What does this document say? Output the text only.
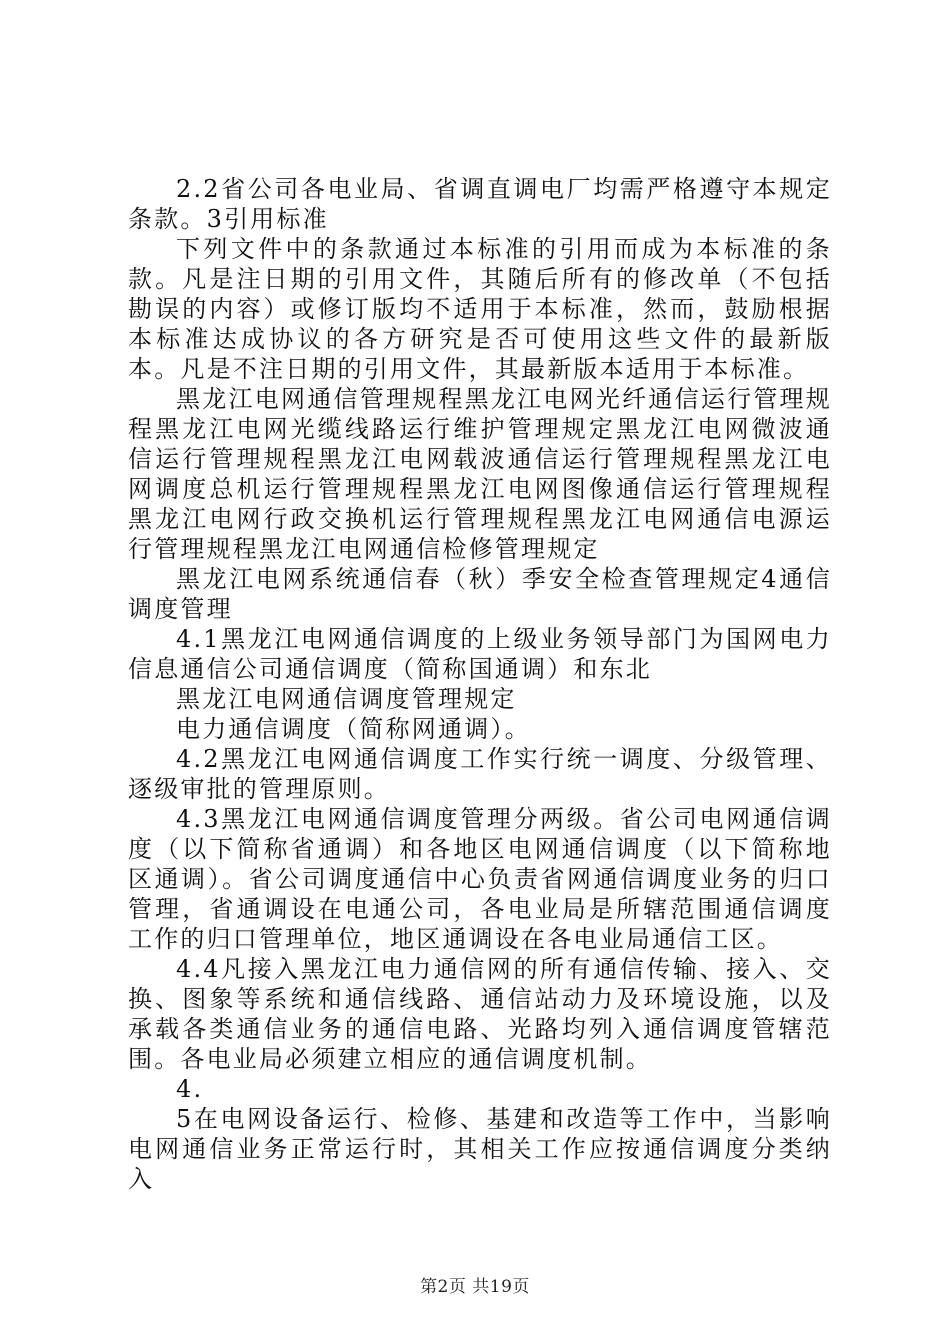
2.2省公司各电业局、省调直调电厂均需严格遵守本规定条款。3引用标准

下列文件中的条款通过本标准的引用而成为本标准的条款。凡是注日期的引用文件，其随后所有的修改单（不包括勘误的内容）或修订版均不适用于本标准，然而，鼓励根据本标准达成协议的各方研究是否可使用这些文件的最新版本。凡是不注日期的引用文件，其最新版本适用于本标准。

黑龙江电网通信管理规程黑龙江电网光纤通信运行管理规程黑龙江电网光缆线路运行维护管理规定黑龙江电网微波通信运行管理规程黑龙江电网载波通信运行管理规程黑龙江电网调度总机运行管理规程黑龙江电网图像通信运行管理规程黑龙江电网行政交换机运行管理规程黑龙江电网通信电源运行管理规程黑龙江电网通信检修管理规定

黑龙江电网系统通信春（秋）季安全检查管理规定4通信调度管理

4.1黑龙江电网通信调度的上级业务领导部门为国网电力信息通信公司通信调度（简称国通调）和东北

黑龙江电网通信调度管理规定

电力通信调度（简称网通调）。

4.2黑龙江电网通信调度工作实行统一调度、分级管理、逐级审批的管理原则。

4.3黑龙江电网通信调度管理分两级。省公司电网通信调度（以下简称省通调）和各地区电网通信调度（以下简称地区通调）。省公司调度通信中心负责省网通信调度业务的归口管理，省通调设在电通公司，各电业局是所辖范围通信调度工作的归口管理单位，地区通调设在各电业局通信工区。

4.4凡接入黑龙江电力通信网的所有通信传输、接入、交换、图象等系统和通信线路、通信站动力及环境设施，以及承载各类通信业务的通信电路、光路均列入通信调度管辖范围。各电业局必须建立相应的通信调度机制。

4.

5在电网设备运行、检修、基建和改造等工作中，当影响电网通信业务正常运行时，其相关工作应按通信调度分类纳入

第2页 共19页
